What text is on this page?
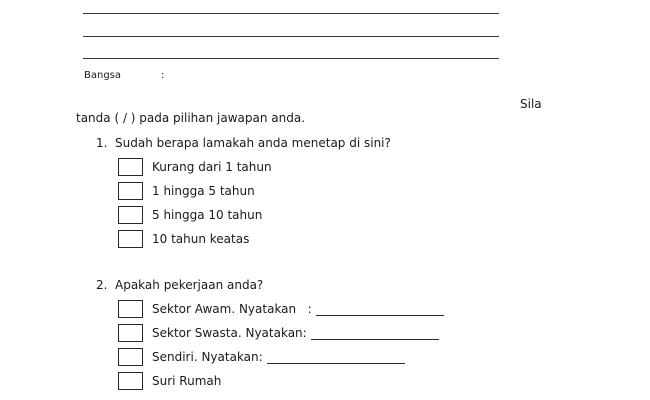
Bangsa	:
Sila
tanda ( / ) pada pilihan jawapan anda.
1. Sudah berapa lamakah anda menetap di sini?
Kurang dari 1 tahun
1 hingga 5 tahun
5 hingga 10 tahun
10 tahun keatas
2. Apakah pekerjaan anda?
Sektor Awam. Nyatakan   :
Sektor Swasta. Nyatakan:
Sendiri. Nyatakan:
Suri Rumah
